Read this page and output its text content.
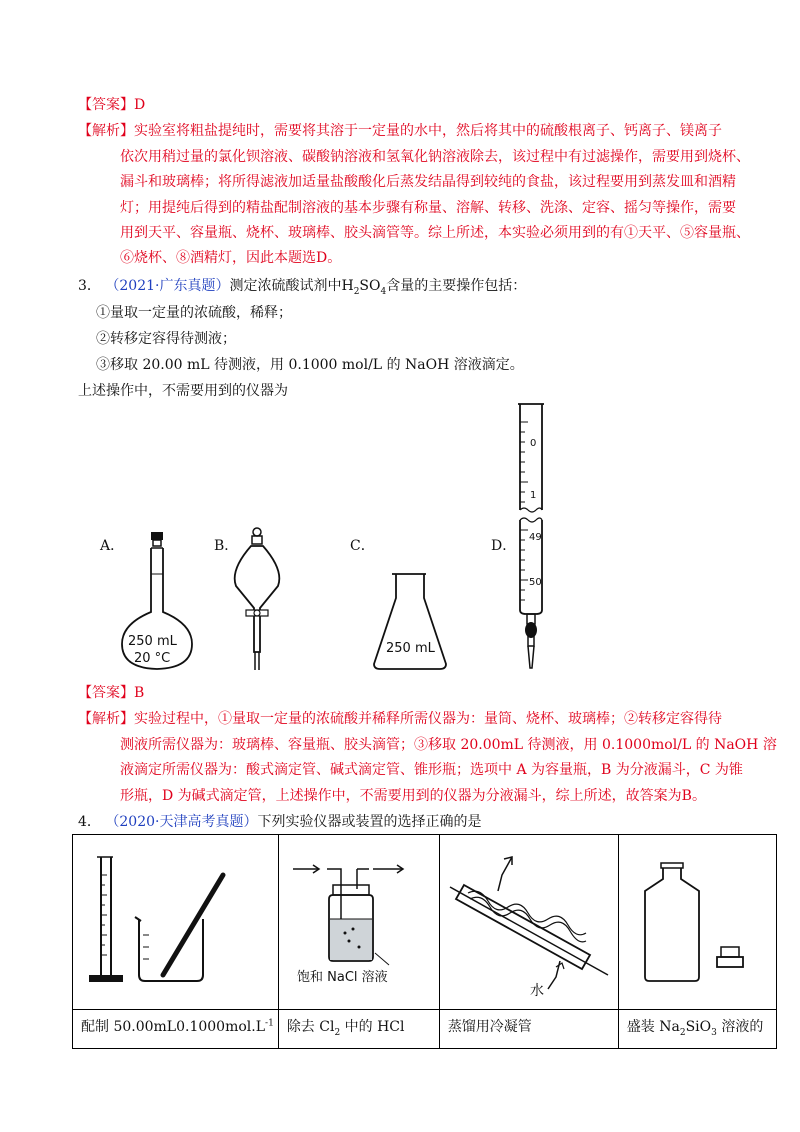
【答案】D
【解析】实验室将粗盐提纯时，需要将其溶于一定量的水中，然后将其中的硫酸根离子、钙离子、镁离子
依次用稍过量的氯化钡溶液、碳酸钠溶液和氢氧化钠溶液除去，该过程中有过滤操作，需要用到烧杯、
漏斗和玻璃棒；将所得滤液加适量盐酸酸化后蒸发结晶得到较纯的食盐，该过程要用到蒸发皿和酒精
灯；用提纯后得到的精盐配制溶液的基本步骤有称量、溶解、转移、洗涤、定容、摇匀等操作，需要
用到天平、容量瓶、烧杯、玻璃棒、胶头滴管等。综上所述，本实验必须用到的有①天平、⑤容量瓶、
⑥烧杯、⑧酒精灯，因此本题选D。
3． （2021·广东真题）测定浓硫酸试剂中$H_2SO_4$含量的主要操作包括：
①量取一定量的浓硫酸，稀释；
②转移定容得待测液；
③移取 20.00 mL 待测液，用 0.1000 mol/L 的 NaOH 溶液滴定。
上述操作中，不需要用到的仪器为
A．	B．	C．	D．
250 mL
20 °C
250 mL
0
1
49
50
【答案】B
【解析】实验过程中，①量取一定量的浓硫酸并稀释所需仪器为：量筒、烧杯、玻璃棒；②转移定容得待
测液所需仪器为：玻璃棒、容量瓶、胶头滴管；③移取 20.00mL 待测液，用 0.1000mol/L 的 NaOH 溶
液滴定所需仪器为：酸式滴定管、碱式滴定管、锥形瓶；选项中 A 为容量瓶，B 为分液漏斗，C 为锥
形瓶，D 为碱式滴定管，上述操作中，不需要用到的仪器为分液漏斗，综上所述，故答案为B。
4． （2020·天津高考真题）下列实验仪器或装置的选择正确的是

饱和 NaCl 溶液	水

配制 $50.00mL0.1000mol.L^{-1}$	除去 $Cl_2$ 中的 HCl	蒸馏用冷凝管	盛装 $Na_2SiO_3$ 溶液的
